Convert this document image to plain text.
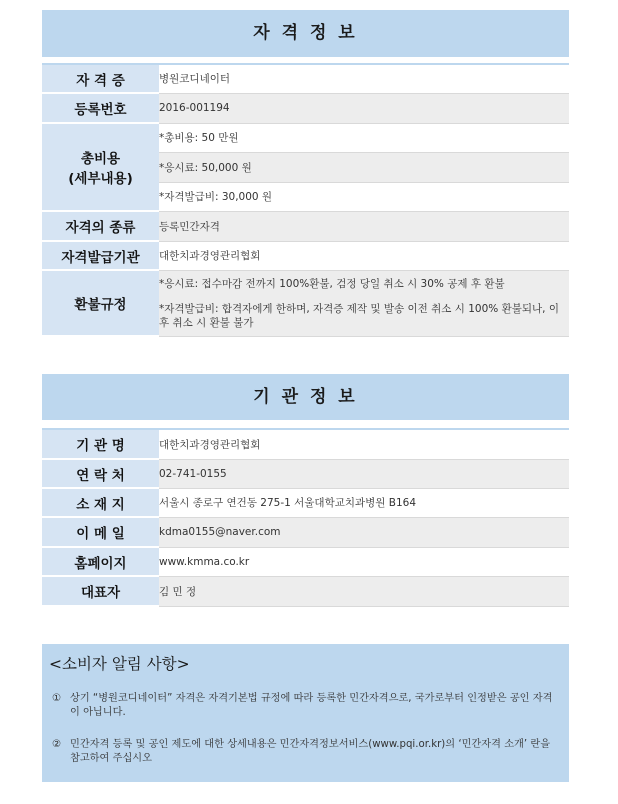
자 격 정 보
자 격 증	병원코디네이터
등록번호	2016-001194

총비용
(세부내용)	*총비용: 50 만원
	*응시료: 50,000 원
	*자격발급비: 30,000 원
자격의 종류	등록민간자격
자격발급기관	대한치과경영관리협회
환불규정	*응시료: 접수마감 전까지 100%환불, 검정 당일 취소 시 30% 공제 후 환불
	*자격발급비: 합격자에게 한하며, 자격증 제작 및 발송 이전 취소 시 100% 환불되나, 이후 취소 시 환불 불가
기 관 정 보
기 관 명	대한치과경영관리협회
연 락 처	02-741-0155
소 재 지	서울시 종로구 연건동 275-1 서울대학교치과병원 B164
이 메 일	kdma0155@naver.com
홈페이지	www.kmma.co.kr
대표자	김 민 정
<소비자 알림 사항>
① 상기 “병원코디네이터” 자격은 자격기본법 규정에 따라 등록한 민간자격으로, 국가로부터 인정받은 공인 자격이 아닙니다.
② 민간자격 등록 및 공인 제도에 대한 상세내용은 민간자격정보서비스(www.pqi.or.kr)의 ‘민간자격 소개’ 란을 참고하여 주십시오
